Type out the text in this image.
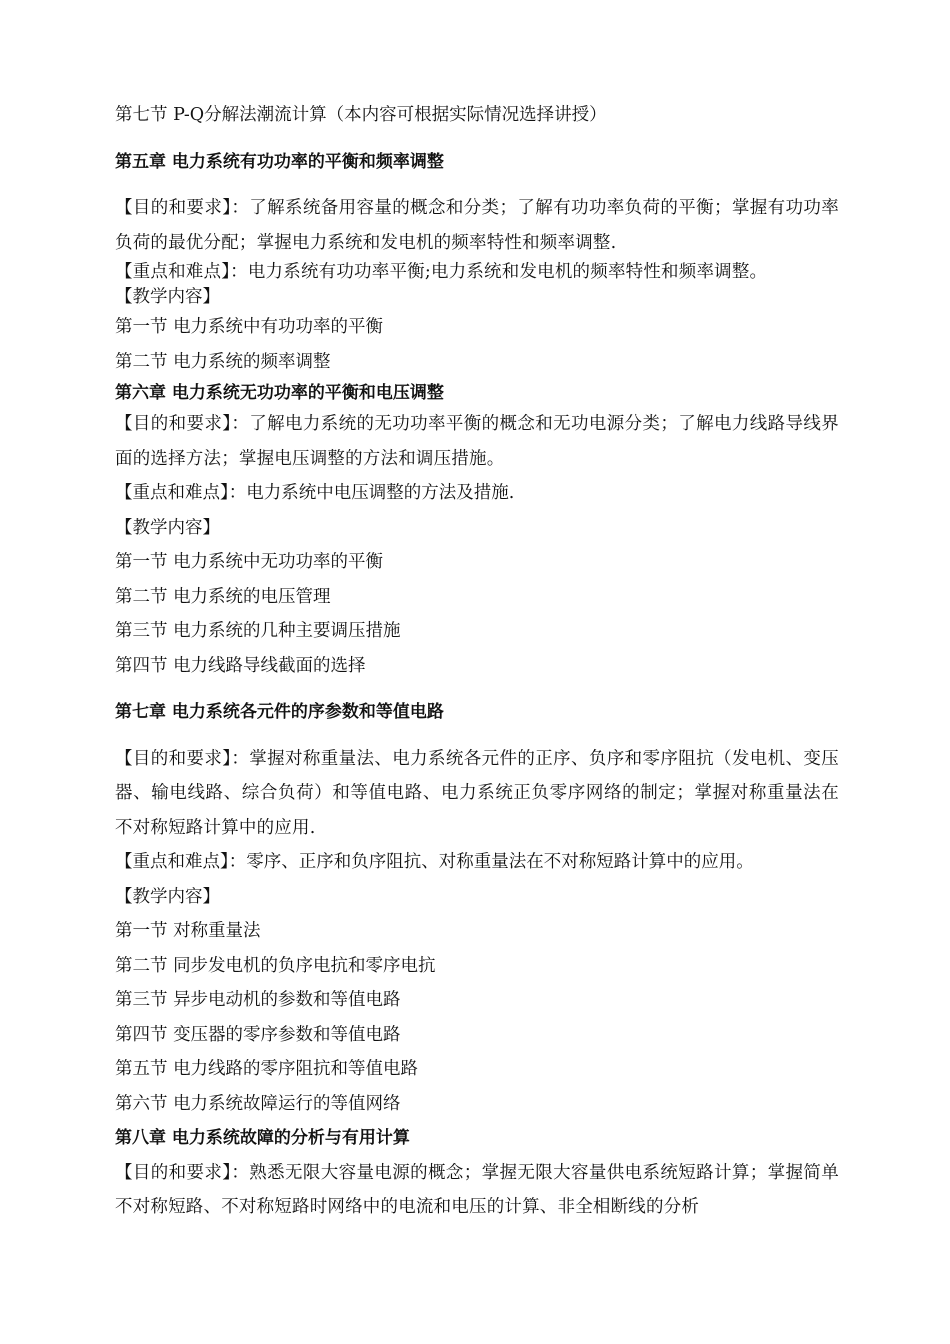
第七节 P-Q分解法潮流计算（本内容可根据实际情况选择讲授）

第五章 电力系统有功功率的平衡和频率调整

【目的和要求】：了解系统备用容量的概念和分类；了解有功功率负荷的平衡；掌握有功功率负荷的最优分配；掌握电力系统和发电机的频率特性和频率调整.

【重点和难点】：电力系统有功功率平衡;电力系统和发电机的频率特性和频率调整。

【教学内容】

第一节 电力系统中有功功率的平衡

第二节 电力系统的频率调整

第六章 电力系统无功功率的平衡和电压调整

【目的和要求】：了解电力系统的无功功率平衡的概念和无功电源分类；了解电力线路导线界面的选择方法；掌握电压调整的方法和调压措施。

【重点和难点】：电力系统中电压调整的方法及措施.

【教学内容】

第一节 电力系统中无功功率的平衡

第二节 电力系统的电压管理

第三节 电力系统的几种主要调压措施

第四节 电力线路导线截面的选择

第七章 电力系统各元件的序参数和等值电路

【目的和要求】：掌握对称重量法、电力系统各元件的正序、负序和零序阻抗（发电机、变压器、输电线路、综合负荷）和等值电路、电力系统正负零序网络的制定；掌握对称重量法在不对称短路计算中的应用.

【重点和难点】：零序、正序和负序阻抗、对称重量法在不对称短路计算中的应用。

【教学内容】

第一节 对称重量法

第二节 同步发电机的负序电抗和零序电抗

第三节 异步电动机的参数和等值电路

第四节 变压器的零序参数和等值电路

第五节 电力线路的零序阻抗和等值电路

第六节 电力系统故障运行的等值网络

第八章 电力系统故障的分析与有用计算

【目的和要求】：熟悉无限大容量电源的概念；掌握无限大容量供电系统短路计算；掌握简单不对称短路、不对称短路时网络中的电流和电压的计算、非全相断线的分析
